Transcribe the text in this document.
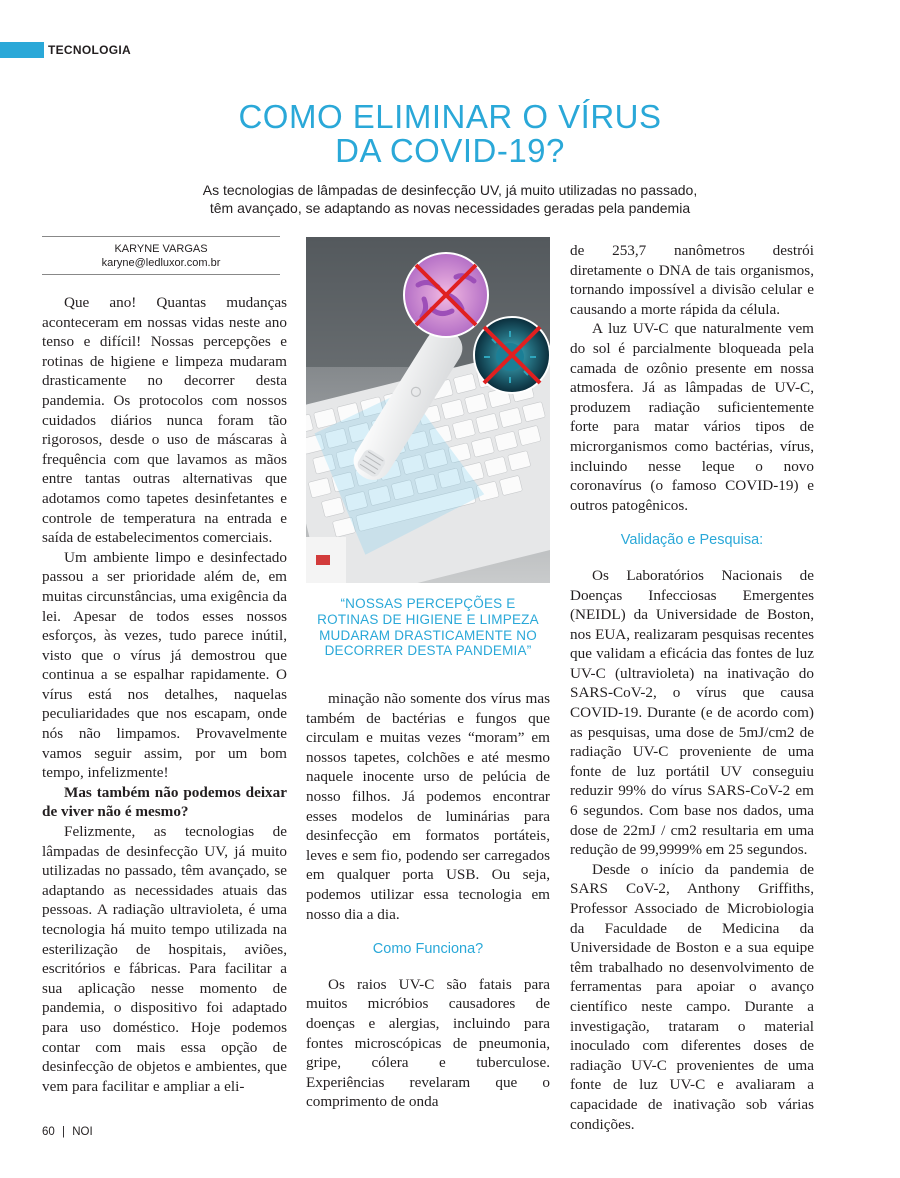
TECNOLOGIA
COMO ELIMINAR O VÍRUS
DA COVID-19?
As tecnologias de lâmpadas de desinfecção UV, já muito utilizadas no passado,
têm avançado, se adaptando as novas necessidades geradas pela pandemia
KARYNE VARGAS
karyne@ledluxor.com.br

Que ano! Quantas mudanças aconteceram em nossas vidas neste ano tenso e difícil! Nossas percepções e rotinas de higiene e limpeza mudaram drasticamente no decorrer desta pandemia. Os protocolos com nossos cuidados diários nunca foram tão rigorosos, desde o uso de máscaras à frequência com que lavamos as mãos entre tantas outras alternativas que adotamos como tapetes desinfetantes e controle de temperatura na entrada e saída de estabelecimentos comerciais.

Um ambiente limpo e desinfectado passou a ser prioridade além de, em muitas circunstâncias, uma exigência da lei. Apesar de todos esses nossos esforços, às vezes, tudo parece inútil, visto que o vírus já demostrou que continua a se espalhar rapidamente. O vírus está nos detalhes, naquelas peculiaridades que nos escapam, onde nós não limpamos. Provavelmente vamos seguir assim, por um bom tempo, infelizmente!

Mas também não podemos deixar de viver não é mesmo?

Felizmente, as tecnologias de lâmpadas de desinfecção UV, já muito utilizadas no passado, têm avançado, se adaptando as necessidades atuais das pessoas. A radiação ultravioleta, é uma tecnologia há muito tempo utilizada na esterilização de hospitais, aviões, escritórios e fábricas. Para facilitar a sua aplicação nesse momento de pandemia, o dispositivo foi adaptado para uso doméstico. Hoje podemos contar com mais essa opção de desinfecção de objetos e ambientes, que vem para facilitar e ampliar a eli-

“NOSSAS PERCEPÇÕES E
ROTINAS DE HIGIENE E LIMPEZA
MUDARAM DRASTICAMENTE NO
DECORRER DESTA PANDEMIA”

minação não somente dos vírus mas também de bactérias e fungos que circulam e muitas vezes “moram” em nossos tapetes, colchões e até mesmo naquele inocente urso de pelúcia de nosso filhos. Já podemos encontrar esses modelos de luminárias para desinfecção em formatos portáteis, leves e sem fio, podendo ser carregados em qualquer porta USB. Ou seja, podemos utilizar essa tecnologia em nosso dia a dia.

Como Funciona?

Os raios UV-C são fatais para muitos micróbios causadores de doenças e alergias, incluindo para fontes microscópicas de pneumonia, gripe, cólera e tuberculose. Experiências revelaram que o comprimento de onda

de 253,7 nanômetros destrói diretamente o DNA de tais organismos, tornando impossível a divisão celular e causando a morte rápida da célula.

A luz UV-C que naturalmente vem do sol é parcialmente bloqueada pela camada de ozônio presente em nossa atmosfera. Já as lâmpadas de UV-C, produzem radiação suficientemente forte para matar vários tipos de microrganismos como bactérias, vírus, incluindo nesse leque o novo coronavírus (o famoso COVID-19) e outros patogênicos.

Validação e Pesquisa:

Os Laboratórios Nacionais de Doenças Infecciosas Emergentes (NEIDL) da Universidade de Boston, nos EUA, realizaram pesquisas recentes que validam a eficácia das fontes de luz UV-C (ultravioleta) na inativação do SARS-CoV-2, o vírus que causa COVID-19. Durante (e de acordo com) as pesquisas, uma dose de 5mJ/cm2 de radiação UV-C proveniente de uma fonte de luz portátil UV conseguiu reduzir 99% do vírus SARS-CoV-2 em 6 segundos. Com base nos dados, uma dose de 22mJ / cm2 resultaria em uma redução de 99,9999% em 25 segundos.

Desde o início da pandemia de SARS CoV-2, Anthony Griffiths, Professor Associado de Microbiologia da Faculdade de Medicina da Universidade de Boston e a sua equipe têm trabalhado no desenvolvimento de ferramentas para apoiar o avanço científico neste campo. Durante a investigação, trataram o material inoculado com diferentes doses de radiação UV-C provenientes de uma fonte de luz UV-C e avaliaram a capacidade de inativação sob várias condições.

60 | NOI
